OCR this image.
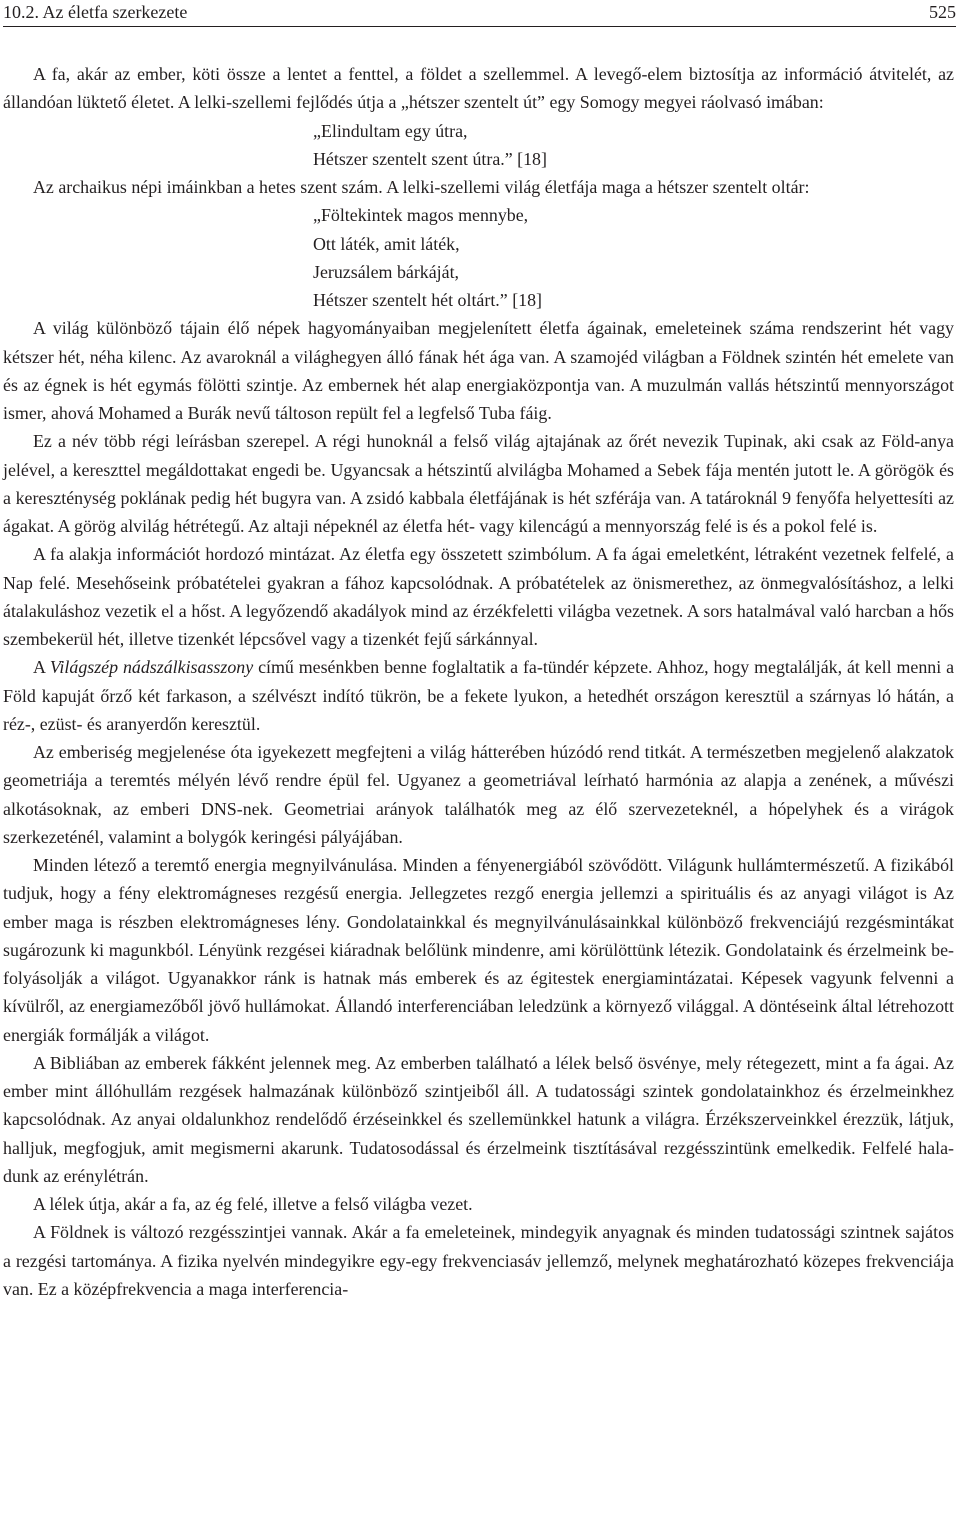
10.2. Az életfa szerkezete	525

A fa, akár az ember, köti össze a lentet a fenttel, a földet a szellemmel. A levegő-elem biztosítja az információ átvitelét, az állandóan lüktető életet. A lelki-szellemi fejlődés útja a „hétszer szentelt út” egy Somogy megyei ráolvasó imában:

„Elindultam egy útra,

Hétszer szentelt szent útra.” [18]

Az archaikus népi imáinkban a hetes szent szám. A lelki-szellemi világ életfája maga a hétszer szentelt oltár:

„Föltekintek magos mennybe,

Ott láték, amit láték,

Jeruzsálem bárkáját,

Hétszer szentelt hét oltárt.” [18]

A világ különböző tájain élő népek hagyományaiban megjelenített életfa ágainak, emeleteinek száma rendszerint hét vagy kétszer hét, néha kilenc. Az avaroknál a világhegyen álló fának hét ága van. A szamojéd világban a Földnek szintén hét emelete van és az égnek is hét egymás fölötti szintje. Az embernek hét alap energiaközpontja van. A muzulmán vallás hétszintű mennyországot ismer, ahová Mohamed a Burák nevű táltoson repült fel a legfelső Tuba fáig.

Ez a név több régi leírásban szerepel. A régi hunoknál a felső világ ajtajának az őrét nevezik Tupinak, aki csak az Föld-anya jelével, a kereszttel megáldottakat engedi be. Ugyancsak a hétszintű alvilágba Mohamed a Sebek fája mentén jutott le. A görögök és a kereszténység poklának pedig hét bugyra van. A zsidó kabbala életfájának is hét szférája van. A tatároknál 9 fenyőfa helyettesíti az ágakat. A görög alvilág hétrétegű. Az altaji népeknél az életfa hét- vagy kilencágú a mennyország felé is és a pokol felé is.

A fa alakja információt hordozó mintázat. Az életfa egy összetett szimbólum. A fa ágai emeletként, létraként vezetnek felfelé, a Nap felé. Mesehőseink próbatételei gyakran a fához kapcsolódnak. A próbatételek az önismerethez, az önmegvalósításhoz, a lelki átalakuláshoz vezetik el a hőst. A legyőzendő akadályok mind az érzékfeletti világba vezetnek. A sors hatalmával való harcban a hős szembekerül hét, illetve tizenkét lépcsővel vagy a tizenkét fejű sárkánnyal.

A Világszép nádszálkisasszony című mesénkben benne foglaltatik a fa-tündér képzete. Ahhoz, hogy megtalálják, át kell menni a Föld kapuját őrző két farkason, a szélvészt indító tükrön, be a fekete lyukon, a hetedhét országon keresztül a szárnyas ló hátán, a réz-, ezüst- és aranyerdőn keresztül.

Az emberiség megjelenése óta igyekezett megfejteni a világ hátterében húzódó rend titkát. A természetben megjelenő alakzatok geometriája a teremtés mélyén lévő rendre épül fel. Ugyanez a geometriával leírható harmónia az alapja a zenének, a művészi alkotásoknak, az emberi DNS-nek. Geometriai arányok találhatók meg az élő szervezeteknél, a hópelyhek és a virágok szerkezeténél, valamint a bolygók keringési pályájában.

Minden létező a teremtő energia megnyilvánulása. Minden a fényenergiából szövődött. Világunk hullámtermészetű. A fizikából tudjuk, hogy a fény elektromágneses rezgésű energia. Jellegzetes rezgő energia jellemzi a spirituális és az anyagi világot is Az ember maga is részben elektromágneses lény. Gondolatainkkal és megnyilvánulásainkkal különböző frekvenciájú rezgésmintákat sugározunk ki magunkból. Lényünk rezgései kiáradnak belőlünk mindenre, ami körülöttünk létezik. Gondolataink és érzelmeink befolyásolják a világot. Ugyanakkor ránk is hatnak más emberek és az égitestek energiamintázatai. Képesek vagyunk felvenni a kívülről, az energiamezőből jövő hullámokat. Állandó interferenciában leledzünk a környező világgal. A döntéseink által létrehozott energiák formálják a világot.

A Bibliában az emberek fákként jelennek meg. Az emberben található a lélek belső ösvénye, mely rétegezett, mint a fa ágai. Az ember mint állóhullám rezgések halmazának különböző szintjeiből áll. A tudatossági szintek gondolatainkhoz és érzelmeinkhez kapcsolódnak. Az anyai oldalunkhoz rendelődő érzéseinkkel és szellemünkkel hatunk a világra. Érzékszerveinkkel érezzük, látjuk, halljuk, megfogjuk, amit megismerni akarunk. Tudatosodással és érzelmeink tisztításával rezgésszintünk emelkedik. Felfelé haladunk az erénylétrán.

A lélek útja, akár a fa, az ég felé, illetve a felső világba vezet.

A Földnek is változó rezgésszintjei vannak. Akár a fa emeleteinek, mindegyik anyagnak és minden tudatossági szintnek sajátos a rezgési tartománya. A fizika nyelvén mindegyikre egy-egy frekvenciasáv jellemző, melynek meghatározható közepes frekvenciája van. Ez a középfrekvencia a maga interferencia-
